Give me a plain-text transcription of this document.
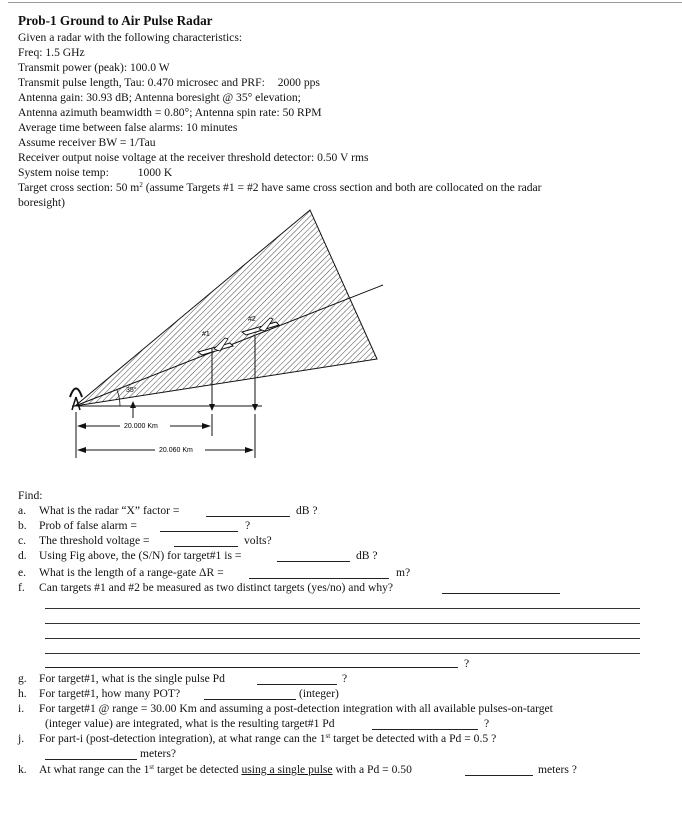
Prob-1 Ground to Air Pulse Radar
Given a radar with the following characteristics:
Freq: 1.5 GHz
Transmit power (peak): 100.0 W
Transmit pulse length, Tau: 0.470 microsec and PRF: 2000 pps
Antenna gain: 30.93 dB; Antenna boresight @ 35° elevation;
Antenna azimuth beamwidth = 0.80°; Antenna spin rate: 50 RPM
Average time between false alarms: 10 minutes
Assume receiver BW = 1/Tau
Receiver output noise voltage at the receiver threshold detector: 0.50 V rms
System noise temp: 1000 K
Target cross section: 50 $m^2$ (assume Targets #1 = #2 have same cross section and both are collocated on the radar
boresight)
35°
#1
#2
20.000 Km
20.060 Km
Find:
a. What is the radar “X” factor =	dB ?
b. Prob of false alarm =	?
c. The threshold voltage =	volts?
d. Using Fig above, the (S/N) for target#1 is =	dB ?
e. What is the length of a range-gate ΔR =	m?
f. Can targets #1 and #2 be measured as two distinct targets (yes/no) and why?
?
g. For target#1, what is the single pulse Pd	?
h. For target#1, how many POT?	(integer)
i. For target#1 @ range = 30.00 Km and assuming a post-detection integration with all available pulses-on-target
(integer value) are integrated, what is the resulting target#1 Pd	?
j. For part-i (post-detection integration), at what range can the 1st target be detected with a Pd = 0.5 ?
meters?
k. At what range can the 1st target be detected using a single pulse with a Pd = 0.50	meters ?
